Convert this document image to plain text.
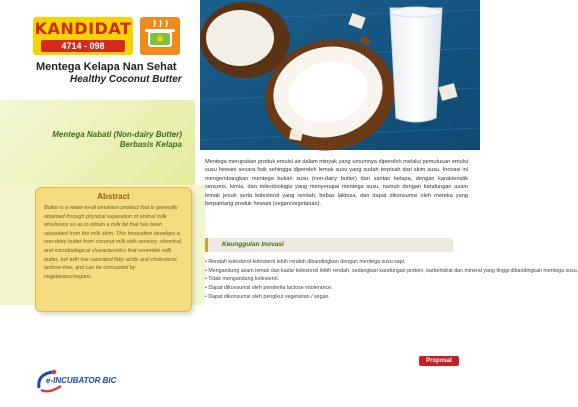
KANDIDAT
4714 - 098
Mentega Kelapa Nan Sehat
Healthy Coconut Butter
Mentega Nabati (Non-dairy Butter)
Berbasis Kelapa
Abstract
Butter is a water-in-oil emulsion product that is generally obtained through physical separation of animal milk emulsions so as to obtain a milk fat that has been separated from the milk skim. This innovation develops a non-dairy butter from coconut milk with sensory, chemical, and microbiological characteristics that resemble milk butter, but with low saturated fatty acids and cholesterol, lactose-free, and can be consumed by vegetarians/vegans.
Mentega merupakan produk emulsi air dalam minyak yang umumnya diperoleh melalui pemutusan emulsi susu hewani secara fisik sehingga diperoleh lemak susu yang sudah terpisah dari skim susu. Inovasi ini mengembangkan mentega bukan susu (non-dairy butter) dari santan kelapa, dengan karakteristik sensoris, kimia, dan mikrobiologis yang menyerupai mentega susu, namun dengan kandungan asam lemak jenuh serta kolesterol yang rendah, bebas laktosa, dan dapat dikonsumsi oleh mereka yang berpantang produk hewani (vegan/vegetarian).
Keunggulan Inovasi
• Rendah kolesterol kolesterol lebih rendah dibandingkan dengan mentega susu sapi.
• Mengandung asam lemak dan kadar kolesterol lebih rendah, sedangkan kandungan protein, karbohidrat dan mineral yang tinggi dibandingkan mentega susu.
• Tidak mengandung kolesterol.
• Dapat dikonsumsi oleh penderita lactose intolerance.
• Dapat dikonsumsi oleh pengikut vegetarian / vegan.
Proposal
e-INCUBATOR BIC
